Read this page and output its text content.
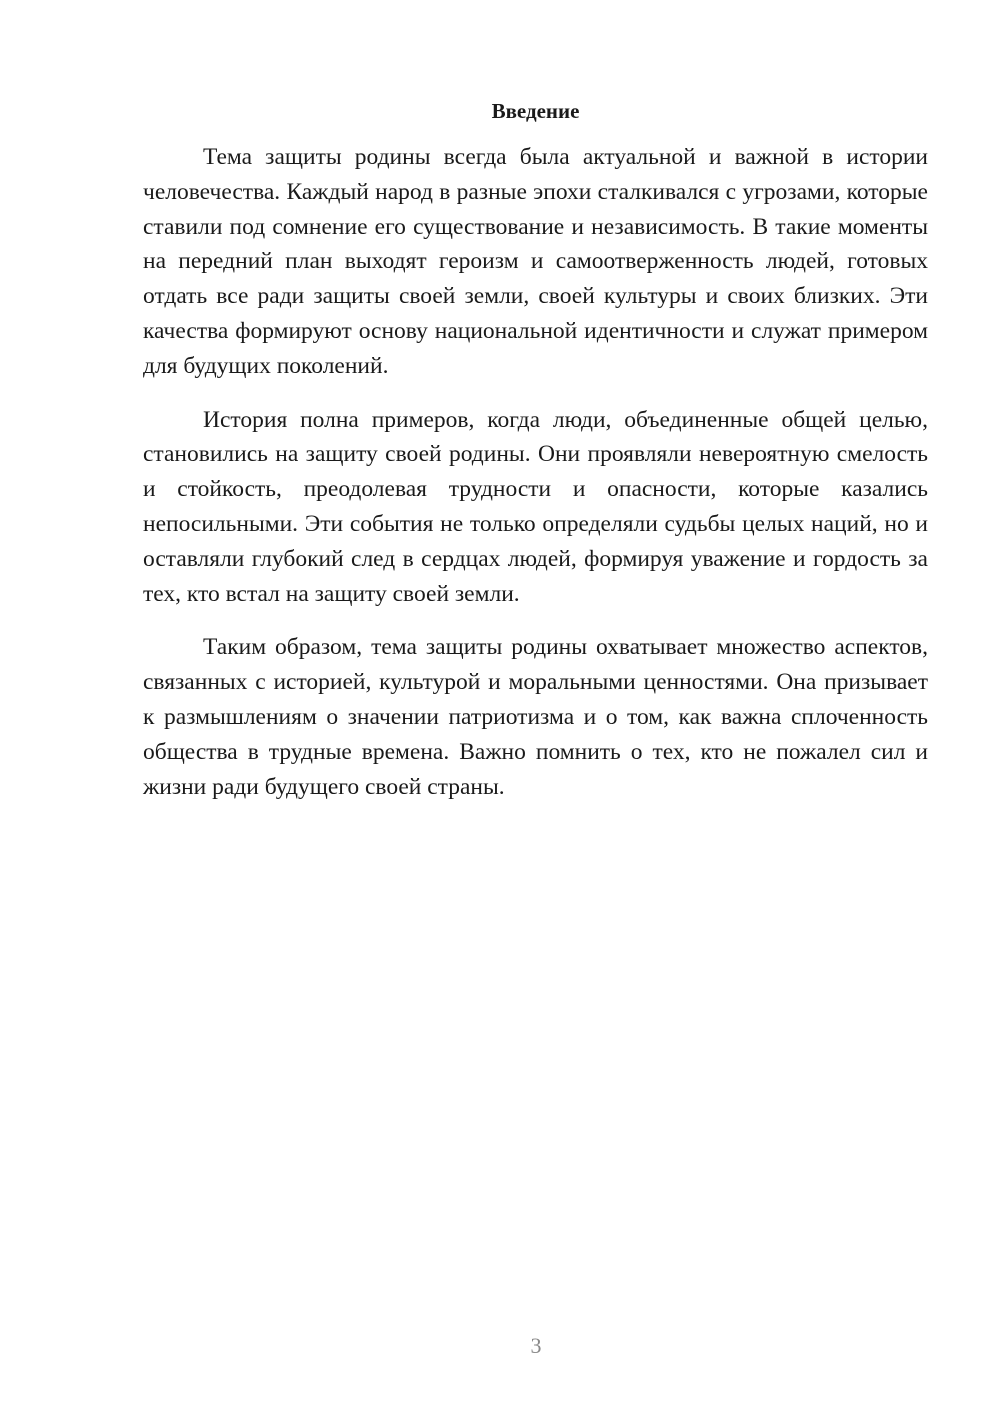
Введение

Тема защиты родины всегда была актуальной и важной в истории человечества. Каждый народ в разные эпохи сталкивался с угрозами, которые ставили под сомнение его существование и независимость. В такие моменты на передний план выходят героизм и самоотверженность людей, готовых отдать все ради защиты своей земли, своей культуры и своих близких. Эти качества формируют основу национальной идентичности и служат примером для будущих поколений.

История полна примеров, когда люди, объединенные общей целью, становились на защиту своей родины. Они проявляли невероятную смелость и стойкость, преодолевая трудности и опасности, которые казались непосильными. Эти события не только определяли судьбы целых наций, но и оставляли глубокий след в сердцах людей, формируя уважение и гордость за тех, кто встал на защиту своей земли.

Таким образом, тема защиты родины охватывает множество аспектов, связанных с историей, культурой и моральными ценностями. Она призывает к размышлениям о значении патриотизма и о том, как важна сплоченность общества в трудные времена. Важно помнить о тех, кто не пожалел сил и жизни ради будущего своей страны.

3
